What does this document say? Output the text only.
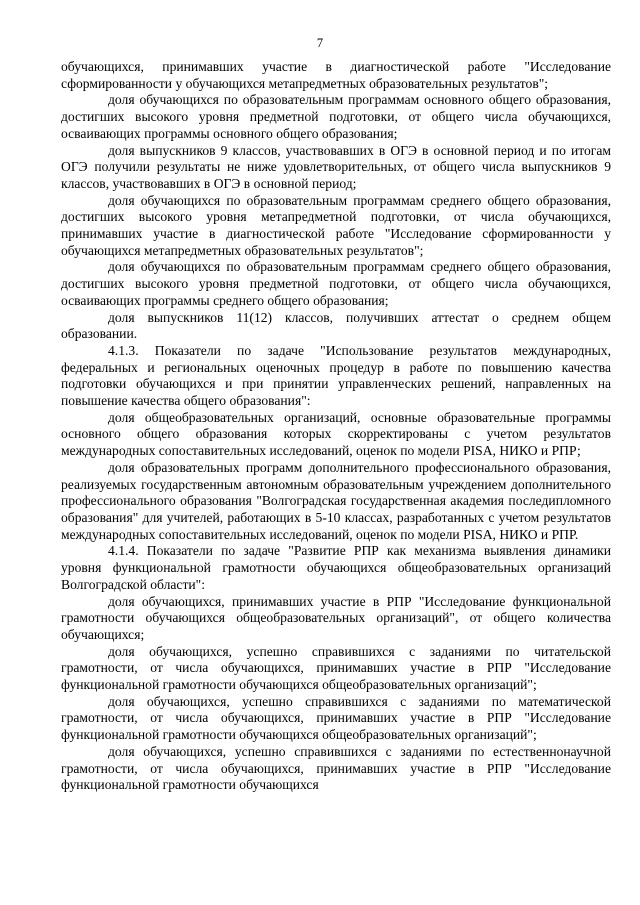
7

обучающихся, принимавших участие в диагностической работе "Исследование сформированности у обучающихся метапредметных образовательных результатов";

доля обучающихся по образовательным программам основного общего образования, достигших высокого уровня предметной подготовки, от общего числа обучающихся, осваивающих программы основного общего образования;

доля выпускников 9 классов, участвовавших в ОГЭ в основной период и по итогам ОГЭ получили результаты не ниже удовлетворительных, от общего числа выпускников 9 классов, участвовавших в ОГЭ в основной период;

доля обучающихся по образовательным программам среднего общего образования, достигших высокого уровня метапредметной подготовки, от числа обучающихся, принимавших участие в диагностической работе "Исследование сформированности у обучающихся метапредметных образовательных результатов";

доля обучающихся по образовательным программам среднего общего образования, достигших высокого уровня предметной подготовки, от общего числа обучающихся, осваивающих программы среднего общего образования;

доля выпускников 11(12) классов, получивших аттестат о среднем общем образовании.

4.1.3. Показатели по задаче "Использование результатов международных, федеральных и региональных оценочных процедур в работе по повышению качества подготовки обучающихся и при принятии управленческих решений, направленных на повышение качества общего образования":

доля общеобразовательных организаций, основные образовательные программы основного общего образования которых скорректированы с учетом результатов международных сопоставительных исследований, оценок по модели PISA, НИКО и РПР;

доля образовательных программ дополнительного профессионального образования, реализуемых государственным автономным образовательным учреждением дополнительного профессионального образования "Волгоградская государственная академия последипломного образования" для учителей, работающих в 5-10 классах, разработанных с учетом результатов международных сопоставительных исследований, оценок по модели PISA, НИКО и РПР.

4.1.4. Показатели по задаче "Развитие РПР как механизма выявления динамики уровня функциональной грамотности обучающихся общеобразовательных организаций Волгоградской области":

доля обучающихся, принимавших участие в РПР "Исследование функциональной грамотности обучающихся общеобразовательных организаций", от общего количества обучающихся;

доля обучающихся, успешно справившихся с заданиями по читательской грамотности, от числа обучающихся, принимавших участие в РПР "Исследование функциональной грамотности обучающихся общеобразовательных организаций";

доля обучающихся, успешно справившихся с заданиями по математической грамотности, от числа обучающихся, принимавших участие в РПР "Исследование функциональной грамотности обучающихся общеобразовательных организаций";

доля обучающихся, успешно справившихся с заданиями по естественнонаучной грамотности, от числа обучающихся, принимавших участие в РПР "Исследование функциональной грамотности обучающихся
